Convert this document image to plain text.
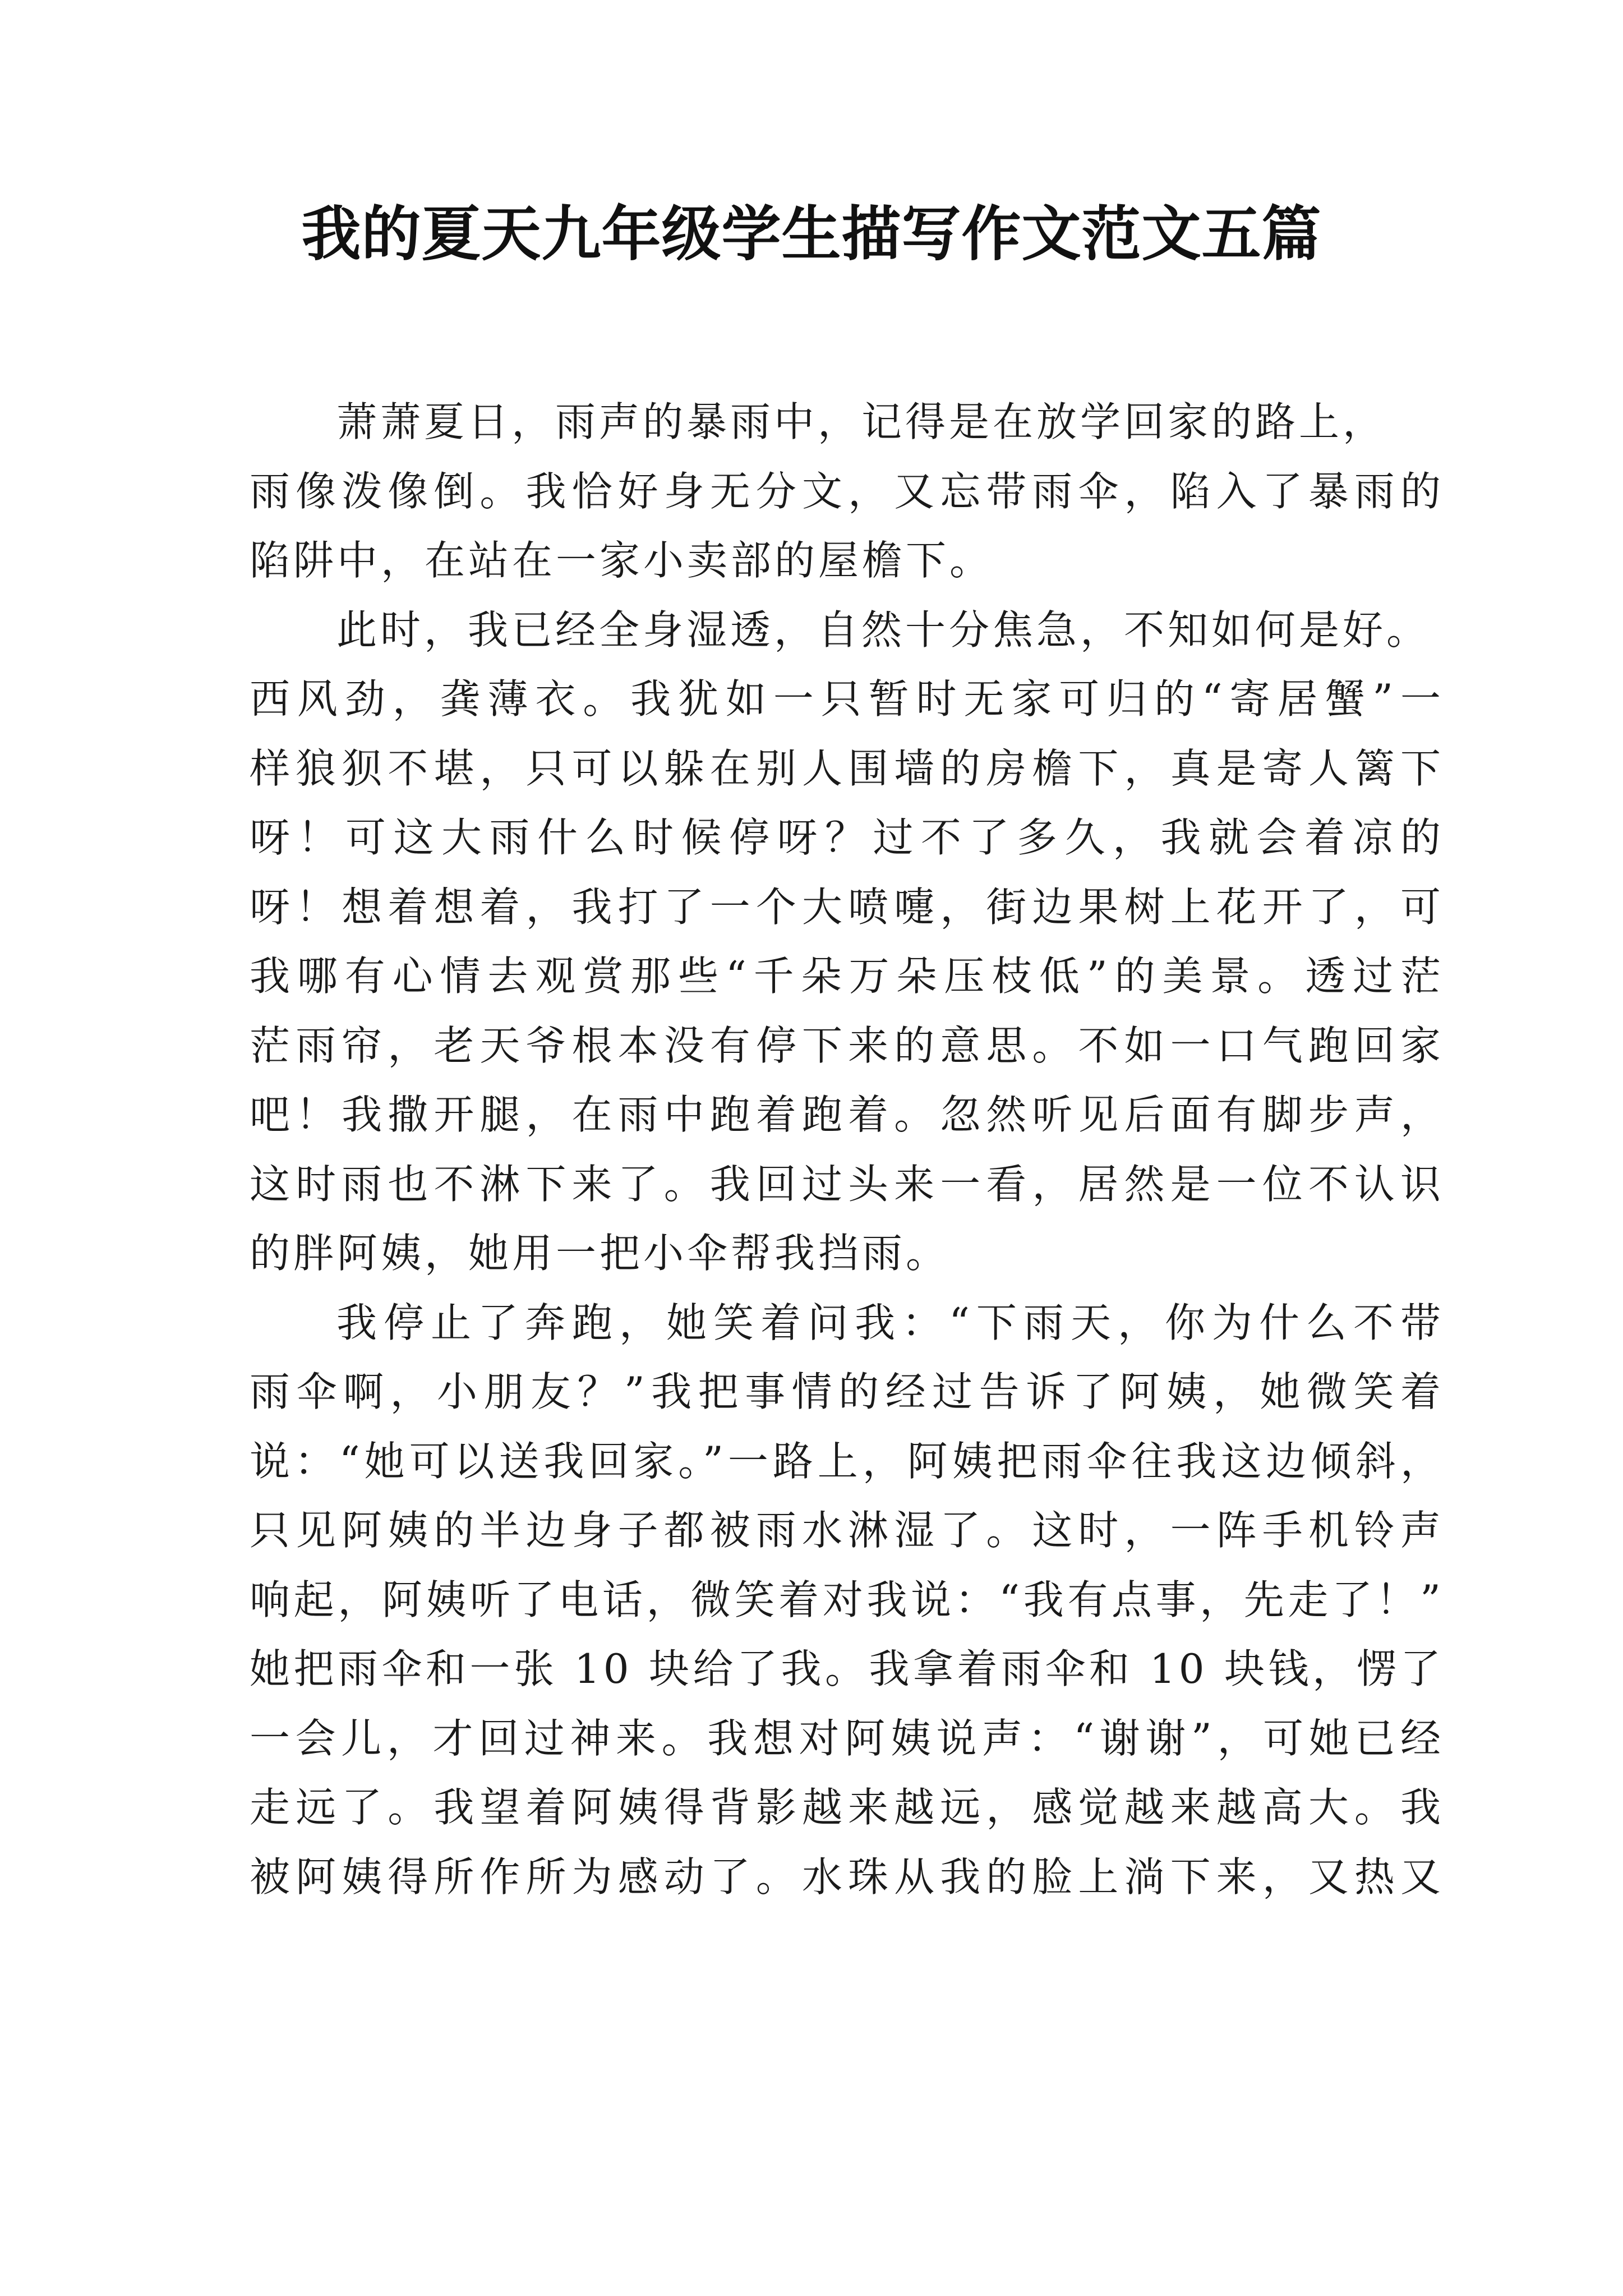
我的夏天九年级学生描写作文范文五篇
萧萧夏日，雨声的暴雨中，记得是在放学回家的路上，
雨像泼像倒。我恰好身无分文，又忘带雨伞，陷入了暴雨的
陷阱中，在站在一家小卖部的屋檐下。
此时，我已经全身湿透，自然十分焦急，不知如何是好。
西风劲，龚薄衣。我犹如一只暂时无家可归的“寄居蟹”一
样狼狈不堪，只可以躲在别人围墙的房檐下，真是寄人篱下
呀！可这大雨什么时候停呀？过不了多久，我就会着凉的
呀！想着想着，我打了一个大喷嚏，街边果树上花开了，可
我哪有心情去观赏那些“千朵万朵压枝低”的美景。透过茫
茫雨帘，老天爷根本没有停下来的意思。不如一口气跑回家
吧！我撒开腿，在雨中跑着跑着。忽然听见后面有脚步声，
这时雨也不淋下来了。我回过头来一看，居然是一位不认识
的胖阿姨，她用一把小伞帮我挡雨。
我停止了奔跑，她笑着问我：“下雨天，你为什么不带
雨伞啊，小朋友？”我把事情的经过告诉了阿姨，她微笑着
说：“她可以送我回家。”一路上，阿姨把雨伞往我这边倾斜，
只见阿姨的半边身子都被雨水淋湿了。这时，一阵手机铃声
响起，阿姨听了电话，微笑着对我说：“我有点事，先走了！”
她把雨伞和一张 10 块给了我。我拿着雨伞和 10 块钱，愣了
一会儿，才回过神来。我想对阿姨说声：“谢谢”，可她已经
走远了。我望着阿姨得背影越来越远，感觉越来越高大。我
被阿姨得所作所为感动了。水珠从我的脸上淌下来，又热又
